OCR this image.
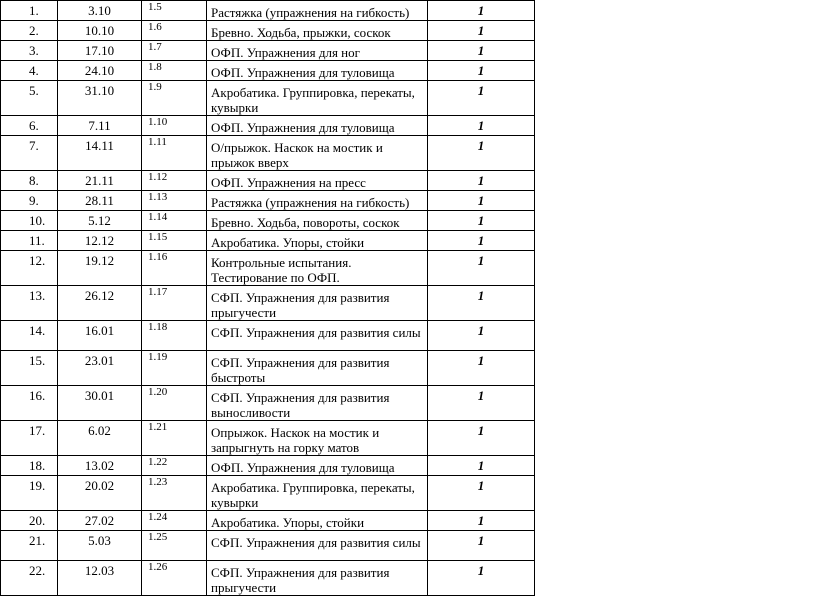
1.	3.10	1.5	Растяжка (упражнения на гибкость)	1
2.	10.10	1.6	Бревно. Ходьба, прыжки, соскок	1
3.	17.10	1.7	ОФП. Упражнения для ног	1
4.	24.10	1.8	ОФП. Упражнения для туловища	1
5.	31.10	1.9	Акробатика. Группировка, перекаты, кувырки	1
6.	7.11	1.10	ОФП. Упражнения для туловища	1
7.	14.11	1.11	О/прыжок. Наскок на мостик и прыжок вверх	1
8.	21.11	1.12	ОФП. Упражнения на пресс	1
9.	28.11	1.13	Растяжка (упражнения на гибкость)	1
10.	5.12	1.14	Бревно. Ходьба, повороты, соскок	1
11.	12.12	1.15	Акробатика. Упоры, стойки	1
12.	19.12	1.16	Контрольные испытания. Тестирование по ОФП.	1
13.	26.12	1.17	СФП. Упражнения для развития прыгучести	1
14.	16.01	1.18	СФП. Упражнения для развития силы	1
15.	23.01	1.19	СФП. Упражнения для развития быстроты	1
16.	30.01	1.20	СФП. Упражнения для развития выносливости	1
17.	6.02	1.21	Опрыжок. Наскок на мостик и запрыгнуть на горку матов	1
18.	13.02	1.22	ОФП. Упражнения для туловища	1
19.	20.02	1.23	Акробатика. Группировка, перекаты, кувырки	1
20.	27.02	1.24	Акробатика. Упоры, стойки	1
21.	5.03	1.25	СФП. Упражнения для развития силы	1
22.	12.03	1.26	СФП. Упражнения для развития прыгучести	1
